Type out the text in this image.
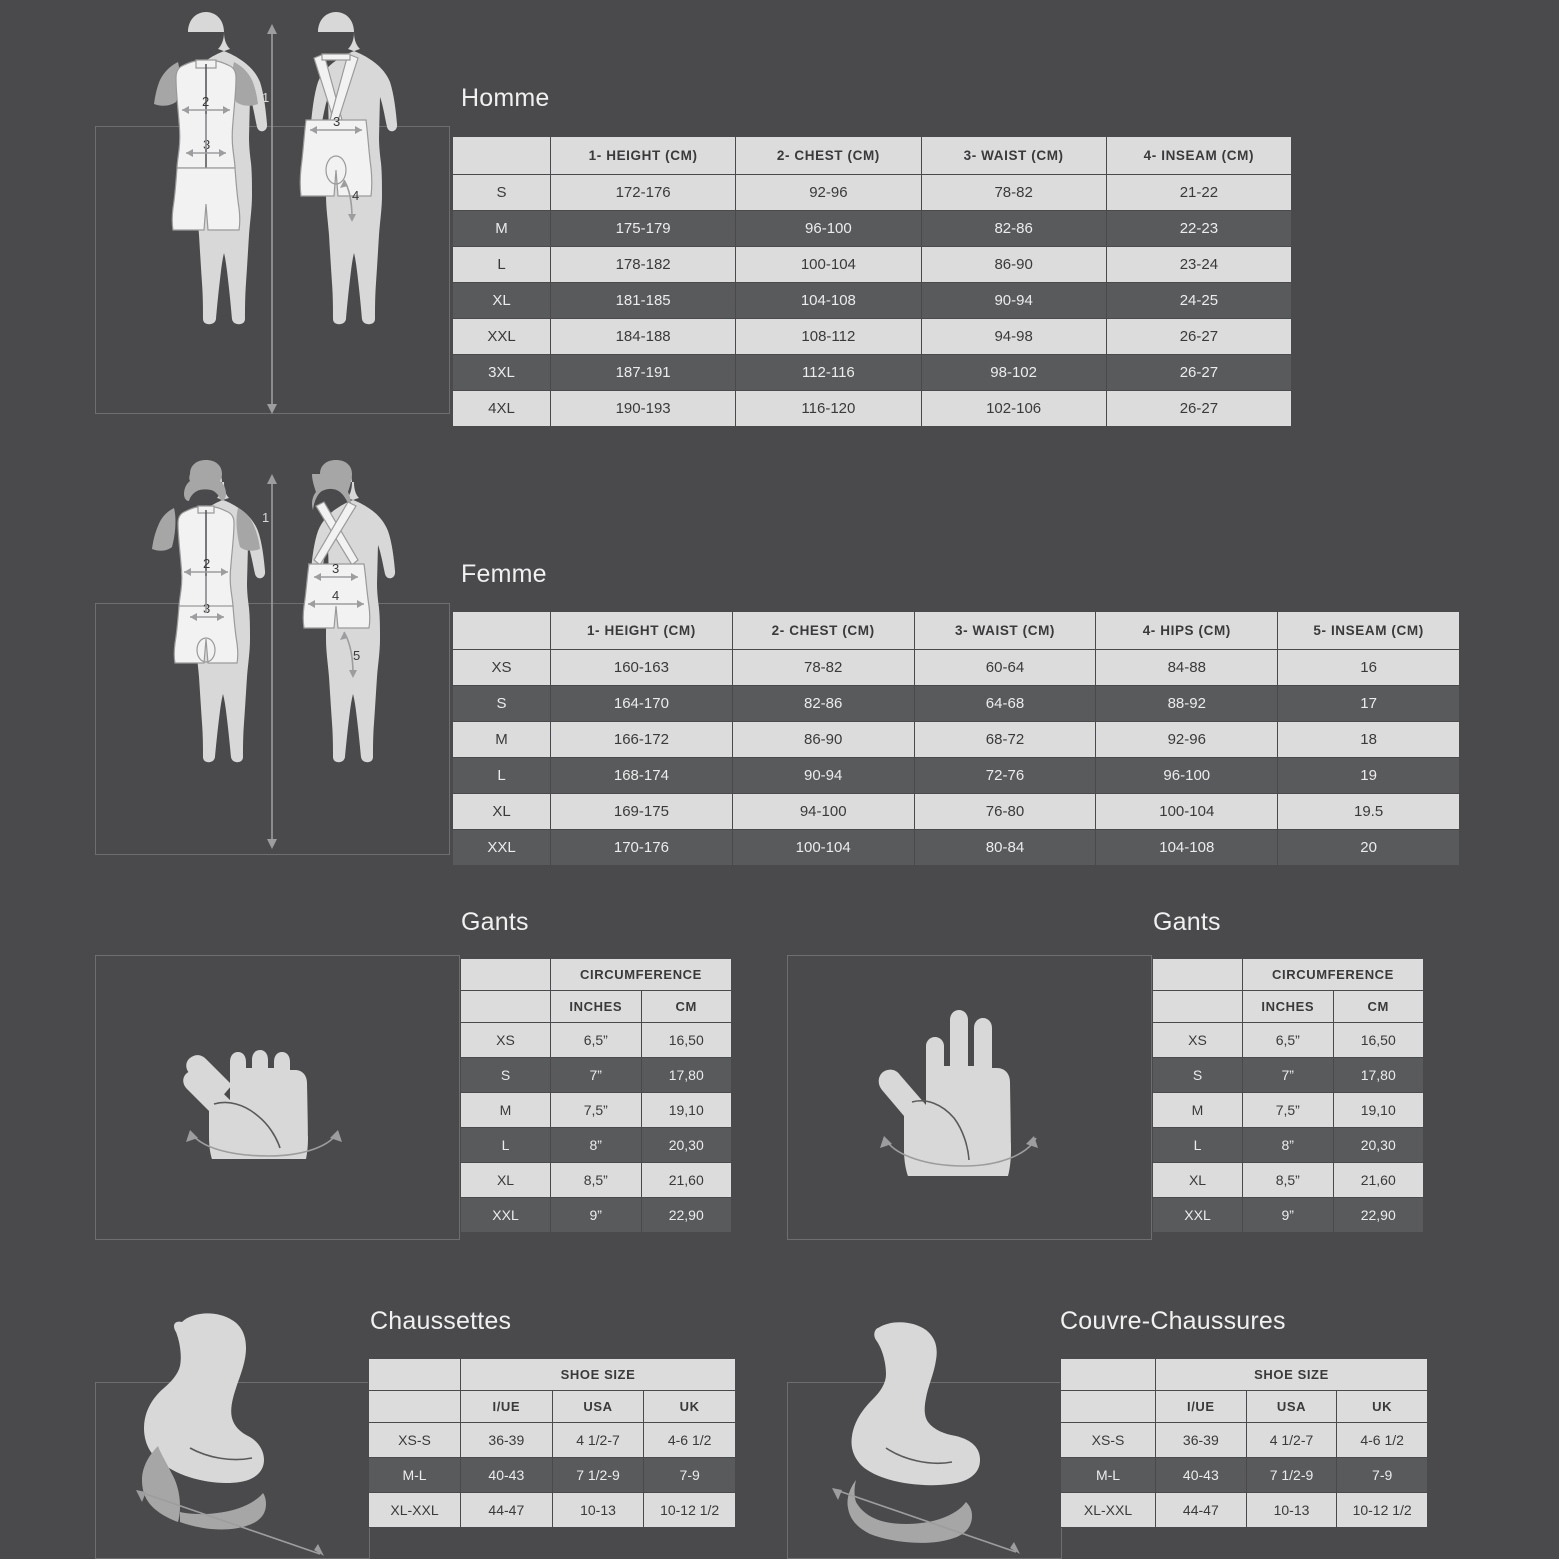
2
3
1
3
4
Homme
	1- HEIGHT (CM)	2- CHEST (CM)	3- WAIST (CM)	4- INSEAM (CM)
S	172-176	92-96	78-82	21-22
M	175-179	96-100	82-86	22-23
L	178-182	100-104	86-90	23-24
XL	181-185	104-108	90-94	24-25
XXL	184-188	108-112	94-98	26-27
3XL	187-191	112-116	98-102	26-27
4XL	190-193	116-120	102-106	26-27
2
3
1
3
4
5
Femme
	1- HEIGHT (CM)	2- CHEST (CM)	3- WAIST (CM)	4- HIPS (CM)	5- INSEAM (CM)
XS	160-163	78-82	60-64	84-88	16
S	164-170	82-86	64-68	88-92	17
M	166-172	86-90	68-72	92-96	18
L	168-174	90-94	72-76	96-100	19
XL	169-175	94-100	76-80	100-104	19.5
XXL	170-176	100-104	80-84	104-108	20
Gants
	CIRCUMFERENCE	
	INCHES	CM
XS	6,5”	16,50
S	7”	17,80
M	7,5”	19,10
L	8”	20,30
XL	8,5”	21,60
XXL	9”	22,90
Gants
	CIRCUMFERENCE	
	INCHES	CM
XS	6,5”	16,50
S	7”	17,80
M	7,5”	19,10
L	8”	20,30
XL	8,5”	21,60
XXL	9”	22,90
Chaussettes
	SHOE SIZE		
	I/UE	USA	UK
XS-S	36-39	4 1/2-7	4-6 1/2
M-L	40-43	7 1/2-9	7-9
XL-XXL	44-47	10-13	10-12 1/2
Couvre-Chaussures
	SHOE SIZE		
	I/UE	USA	UK
XS-S	36-39	4 1/2-7	4-6 1/2
M-L	40-43	7 1/2-9	7-9
XL-XXL	44-47	10-13	10-12 1/2
